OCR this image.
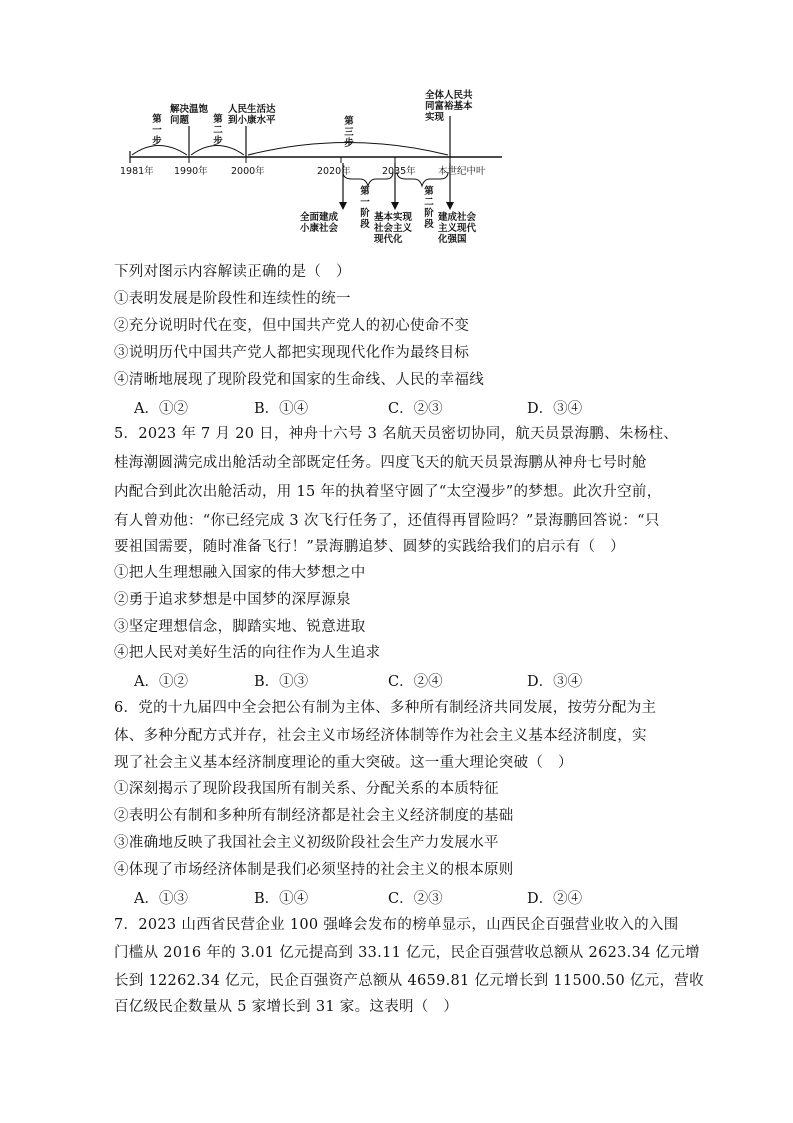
第一步
解决温饱问题	第二步
人民生活达到小康水平	第三步
全体人民共同富裕基本实现
1981年 1990年 2000年	2020年	2035年 本世纪中叶
第一阶段
第二阶段
全面建成小康社会
基本实现社会主义现代化
建成社会主义现代化强国
下列对图示内容解读正确的是（　）
①表明发展是阶段性和连续性的统一
②充分说明时代在变，但中国共产党人的初心使命不变
③说明历代中国共产党人都把实现现代化作为最终目标
④清晰地展现了现阶段党和国家的生命线、人民的幸福线
A．①②	B．①④	C．②③	D．③④
5．2023 年 7 月 20 日，神舟十六号 3 名航天员密切协同，航天员景海鹏、朱杨柱、
桂海潮圆满完成出舱活动全部既定任务。四度飞天的航天员景海鹏从神舟七号时舱
内配合到此次出舱活动，用 15 年的执着坚守圆了“太空漫步”的梦想。此次升空前，
有人曾劝他：“你已经完成 3 次飞行任务了，还值得再冒险吗？”景海鹏回答说：“只
要祖国需要，随时准备飞行！”景海鹏追梦、圆梦的实践给我们的启示有（　）
①把人生理想融入国家的伟大梦想之中
②勇于追求梦想是中国梦的深厚源泉
③坚定理想信念，脚踏实地、锐意进取
④把人民对美好生活的向往作为人生追求
A．①②	B．①③	C．②④	D．③④
6．党的十九届四中全会把公有制为主体、多种所有制经济共同发展，按劳分配为主
体、多种分配方式并存，社会主义市场经济体制等作为社会主义基本经济制度，实
现了社会主义基本经济制度理论的重大突破。这一重大理论突破（　）
①深刻揭示了现阶段我国所有制关系、分配关系的本质特征
②表明公有制和多种所有制经济都是社会主义经济制度的基础
③准确地反映了我国社会主义初级阶段社会生产力发展水平
④体现了市场经济体制是我们必须坚持的社会主义的根本原则
A．①③	B．①④	C．②③	D．②④
7．2023 山西省民营企业 100 强峰会发布的榜单显示，山西民企百强营业收入的入围
门槛从 2016 年的 3.01 亿元提高到 33.11 亿元，民企百强营收总额从 2623.34 亿元增
长到 12262.34 亿元，民企百强资产总额从 4659.81 亿元增长到 11500.50 亿元，营收
百亿级民企数量从 5 家增长到 31 家。这表明（　）
